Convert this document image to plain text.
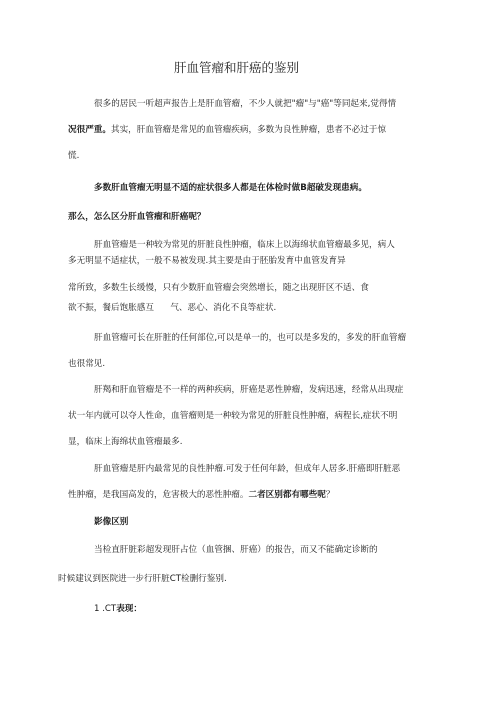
肝血管瘤和肝癌的鉴别
很多的居民一听超声报告上是肝血管瘤，不少人就把"瘤"与"癌"等同起来,觉得情
况很严重。其实，肝血管瘤是常见的血管瘤疾病，多数为良性肿瘤，患者不必过于惊
慌.
多数肝血管瘤无明显不适的症状很多人都是在体检时做B超破发现患病。
那么，怎么区分肝血管瘤和肝癌呢？
肝血管瘤是一种较为常见的肝脏良性肿瘤，临床上以海绵状血管瘤最多见，病人
多无明显不适症状，一般不易被发现.其主要是由于胚胎发育中血管发育异
常所致，多数生长缓慢，只有少数肝血管瘤会突然增长，随之出现肝区不适、食
欲不振，餐后饱胀感互      气、恶心、消化不良等症状.
肝血管瘤可长在肝脏的任何部位,可以是单一的，也可以是多发的，多发的肝血管瘤
也很常见.
肝羯和肝血管瘤是不一样的两种疾病，肝癌是恶性肿瘤，发病迅速，经常从出现症
状一年内就可以夺人性命，血管瘤则是一种较为常见的肝脏良性肿瘤，病程长,症状不明
显，临床上海绵状血管瘤最多.
肝血管瘤是肝内最常见的良性肿瘤.可发于任何年龄，但成年人居多.肝癌即肝脏恶
性肿瘤，是我国高发的，危害极大的恶性肿瘤。二者区别都有哪些呢？
影像区别
当检直肝脏彩超发现肝占位（血管捆、肝癌）的报告，而又不能确定诊断的
时候建议到医院进一步行肝脏CT检删行鉴别.
1 .CT表现：
